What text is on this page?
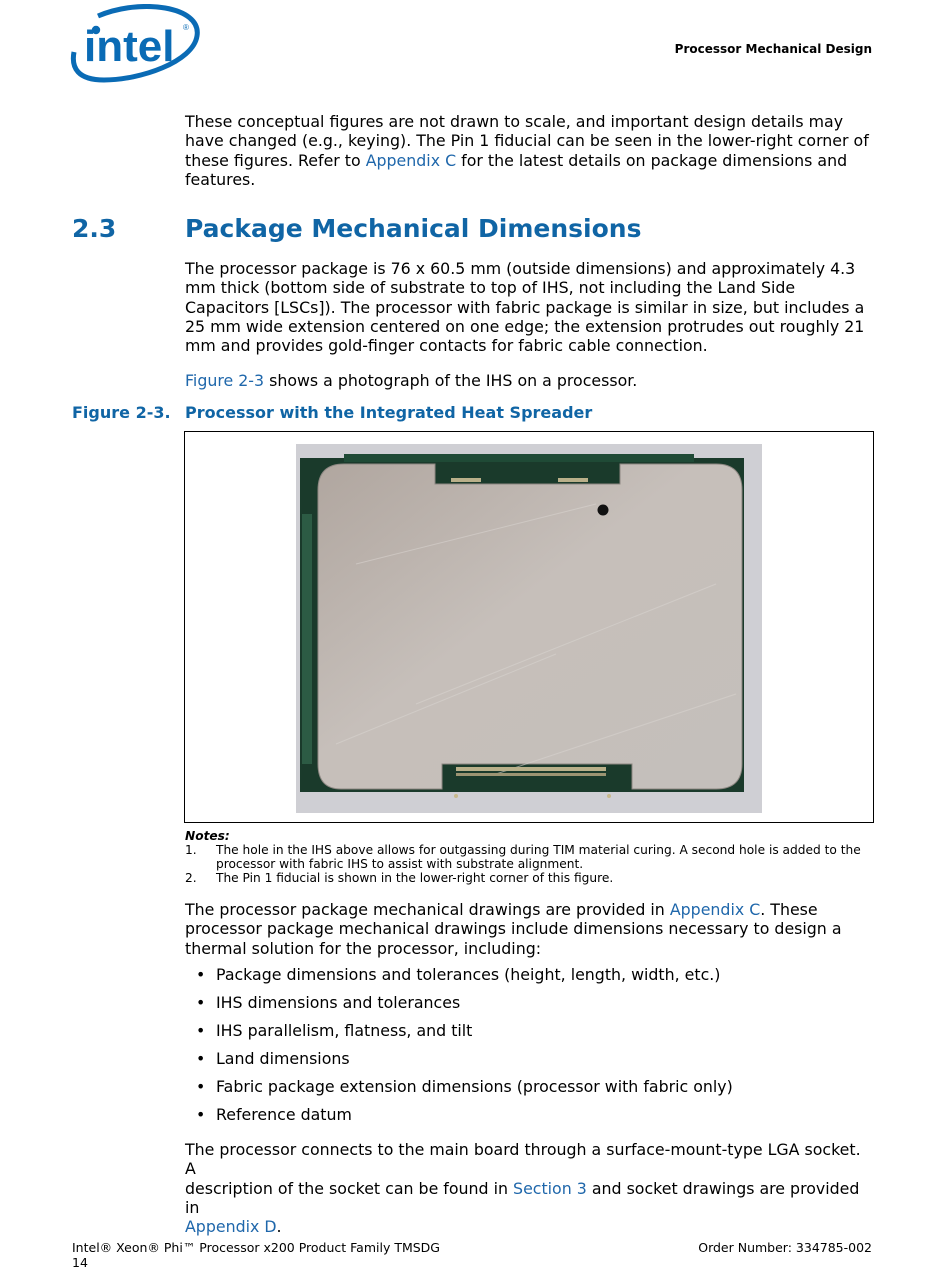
intel ®
Processor Mechanical Design
These conceptual figures are not drawn to scale, and important design details may
have changed (e.g., keying). The Pin 1 fiducial can be seen in the lower-right corner of
these figures. Refer to Appendix C for the latest details on package dimensions and
features.
2.3	Package Mechanical Dimensions
The processor package is 76 x 60.5 mm (outside dimensions) and approximately 4.3
mm thick (bottom side of substrate to top of IHS, not including the Land Side
Capacitors [LSCs]). The processor with fabric package is similar in size, but includes a
25 mm wide extension centered on one edge; the extension protrudes out roughly 21
mm and provides gold-finger contacts for fabric cable connection.
Figure 2-3 shows a photograph of the IHS on a processor.
Figure 2-3. Processor with the Integrated Heat Spreader
Notes:
1. The hole in the IHS above allows for outgassing during TIM material curing. A second hole is added to the
processor with fabric IHS to assist with substrate alignment.
2. The Pin 1 fiducial is shown in the lower-right corner of this figure.
The processor package mechanical drawings are provided in Appendix C. These
processor package mechanical drawings include dimensions necessary to design a
thermal solution for the processor, including:
• Package dimensions and tolerances (height, length, width, etc.)
• IHS dimensions and tolerances
• IHS parallelism, flatness, and tilt
• Land dimensions
• Fabric package extension dimensions (processor with fabric only)
• Reference datum
The processor connects to the main board through a surface-mount-type LGA socket. A
description of the socket can be found in Section 3 and socket drawings are provided in
Appendix D.
Intel® Xeon® Phi™ Processor x200 Product Family TMSDG
14
Order Number: 334785-002
